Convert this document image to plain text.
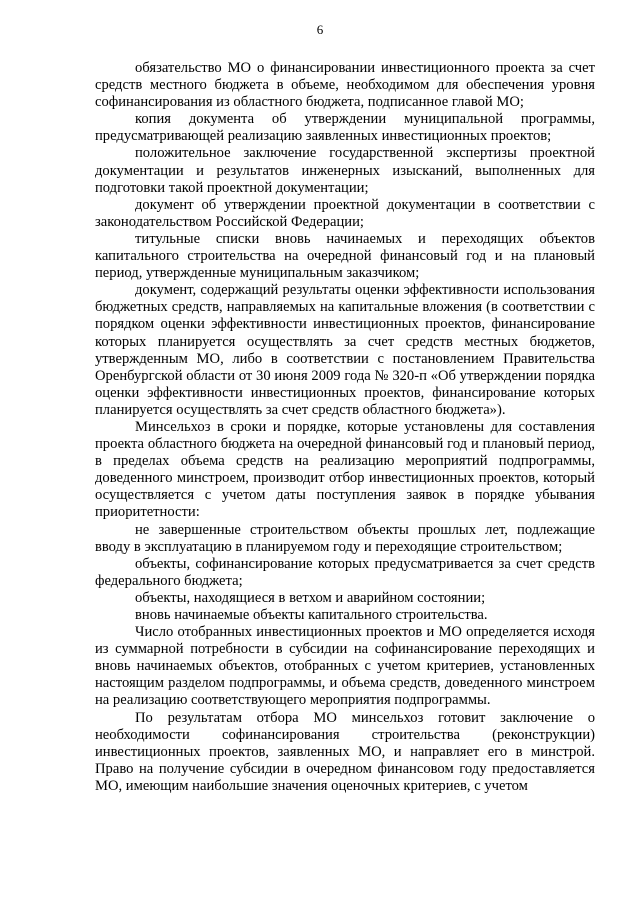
6

обязательство МО о финансировании инвестиционного проекта за счет средств местного бюджета в объеме, необходимом для обеспечения уровня софинансирования из областного бюджета, подписанное главой МО;

копия документа об утверждении муниципальной программы, предусматривающей реализацию заявленных инвестиционных проектов;

положительное заключение государственной экспертизы проектной документации и результатов инженерных изысканий, выполненных для подготовки такой проектной документации;

документ об утверждении проектной документации в соответствии с законодательством Российской Федерации;

титульные списки вновь начинаемых и переходящих объектов капитального строительства на очередной финансовый год и на плановый период, утвержденные муниципальным заказчиком;

документ, содержащий результаты оценки эффективности использования бюджетных средств, направляемых на капитальные вложения (в соответствии с порядком оценки эффективности инвестиционных проектов, финансирование которых планируется осуществлять за счет средств местных бюджетов, утвержденным МО, либо в соответствии с постановлением Правительства Оренбургской области от 30 июня 2009 года № 320-п «Об утверждении порядка оценки эффективности инвестиционных проектов, финансирование которых планируется осуществлять за счет средств областного бюджета»).

Минсельхоз в сроки и порядке, которые установлены для составления проекта областного бюджета на очередной финансовый год и плановый период, в пределах объема средств на реализацию мероприятий подпрограммы, доведенного минстроем, производит отбор инвестиционных проектов, который осуществляется с учетом даты поступления заявок в порядке убывания приоритетности:

не завершенные строительством объекты прошлых лет, подлежащие вводу в эксплуатацию в планируемом году и переходящие строительством;

объекты, софинансирование которых предусматривается за счет средств федерального бюджета;

объекты, находящиеся в ветхом и аварийном состоянии;

вновь начинаемые объекты капитального строительства.

Число отобранных инвестиционных проектов и МО определяется исходя из суммарной потребности в субсидии на софинансирование переходящих и вновь начинаемых объектов, отобранных с учетом критериев, установленных настоящим разделом подпрограммы, и объема средств, доведенного минстроем на реализацию соответствующего мероприятия подпрограммы.

По результатам отбора МО минсельхоз готовит заключение о необходимости софинансирования строительства (реконструкции) инвестиционных проектов, заявленных МО, и направляет его в минстрой. Право на получение субсидии в очередном финансовом году предоставляется МО, имеющим наибольшие значения оценочных критериев, с учетом
